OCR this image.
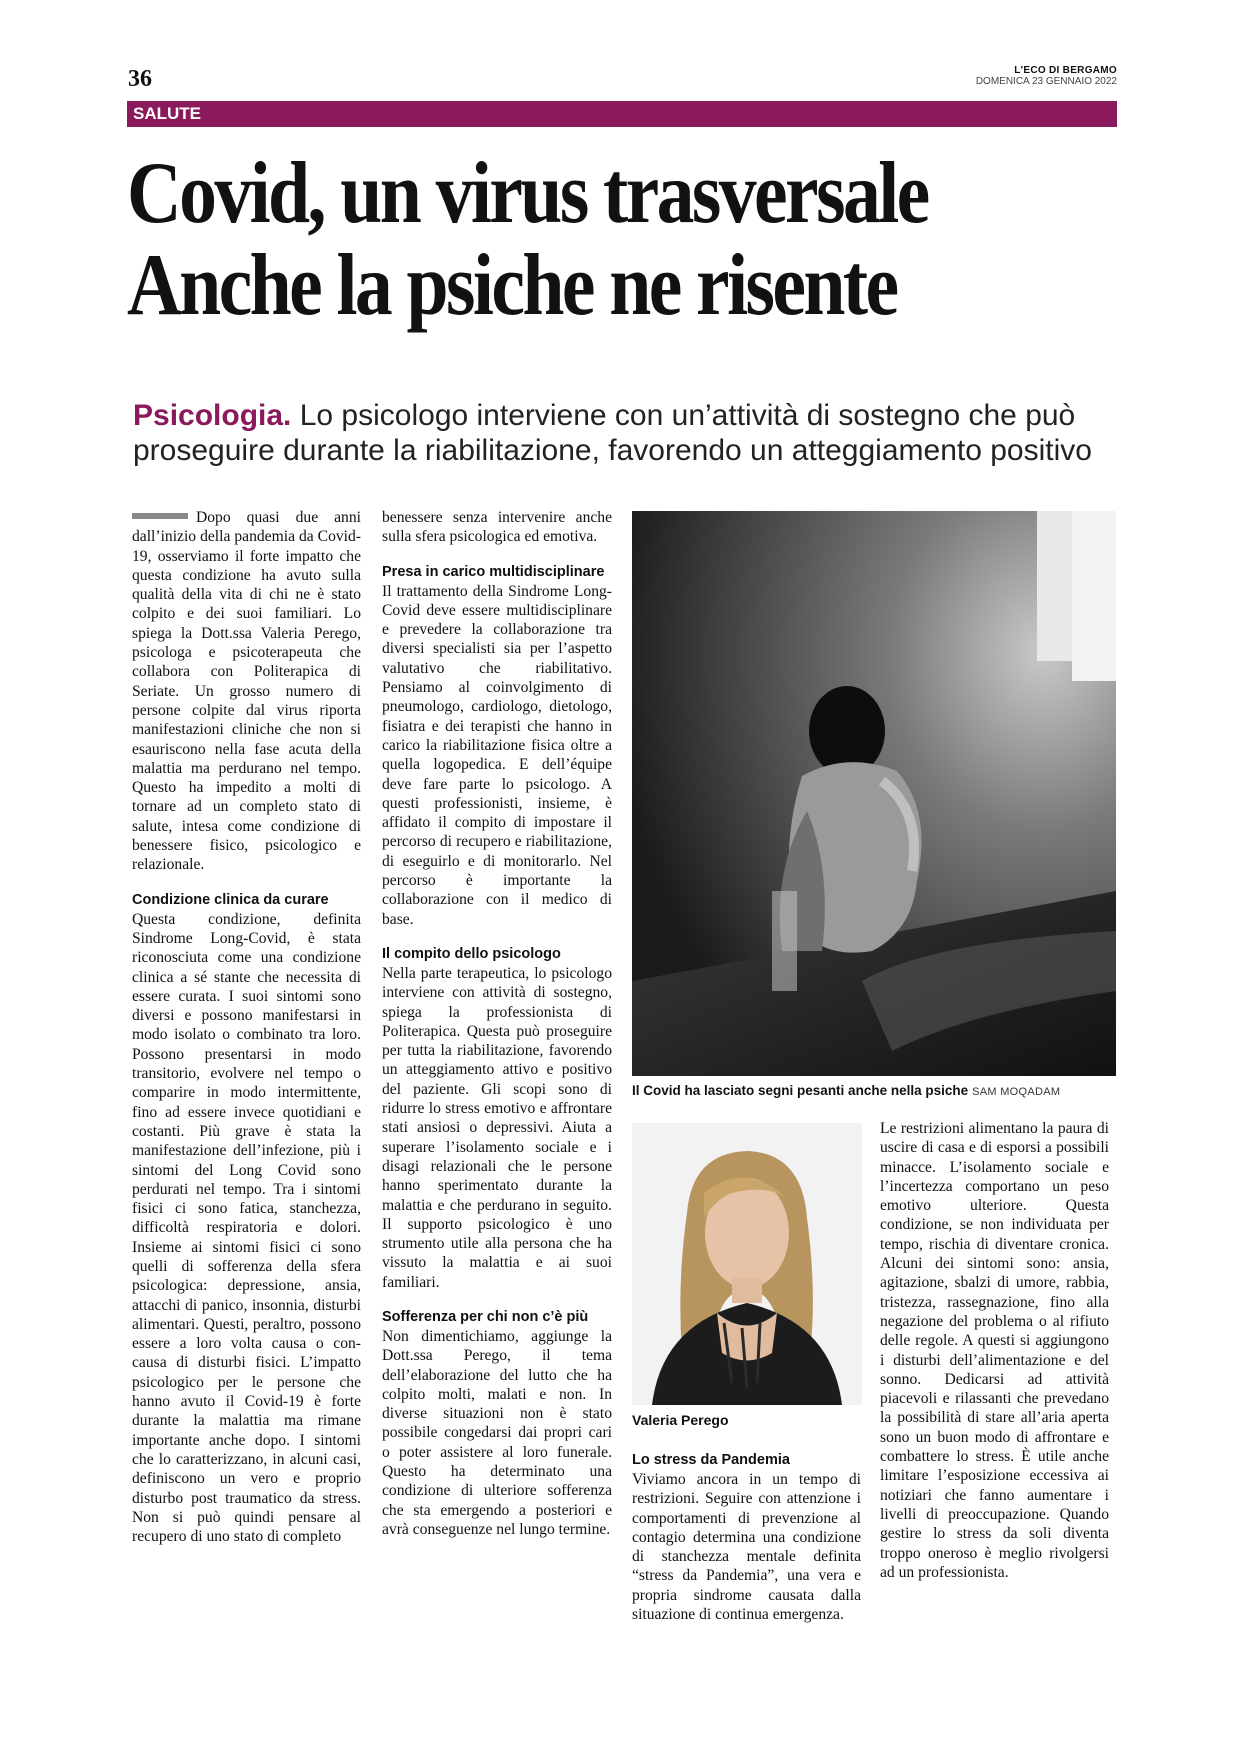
36	L'ECO DI BERGAMO
DOMENICA 23 GENNAIO 2022
SALUTE
Covid, un virus trasversale
Anche la psiche ne risente
Psicologia. Lo psicologo interviene con un’attività di sostegno che può proseguire durante la riabilitazione, favorendo un atteggiamento positivo

Dopo quasi due anni dall’inizio della pandemia da Covid-19, osserviamo il forte impatto che questa condizione ha avuto sulla qualità della vita di chi ne è stato colpito e dei suoi familiari. Lo spiega la Dott.ssa Valeria Perego, psicologa e psicoterapeuta che collabora con Politerapica di Seriate. Un grosso numero di persone colpite dal virus riporta manifestazioni cliniche che non si esauriscono nella fase acuta della malattia ma perdurano nel tempo. Questo ha impedito a molti di tornare ad un completo stato di salute, intesa come condizione di benessere fisico, psicologico e relazionale.

Condizione clinica da curare

Questa condizione, definita Sindrome Long-Covid, è stata riconosciuta come una condizione clinica a sé stante che necessita di essere curata. I suoi sintomi sono diversi e possono manifestarsi in modo isolato o combinato tra loro. Possono presentarsi in modo transitorio, evolvere nel tempo o comparire in modo intermittente, fino ad essere invece quotidiani e costanti. Più grave è stata la manifestazione dell’infezione, più i sintomi del Long Covid sono perdurati nel tempo. Tra i sintomi fisici ci sono fatica, stanchezza, difficoltà respiratoria e dolori. Insieme ai sintomi fisici ci sono quelli di sofferenza della sfera psicologica: depressione, ansia, attacchi di panico, insonnia, disturbi alimentari. Questi, peraltro, possono essere a loro volta causa o con-causa di disturbi fisici. L’impatto psicologico per le persone che hanno avuto il Covid-19 è forte durante la malattia ma rimane importante anche dopo. I sintomi che lo caratterizzano, in alcuni casi, definiscono un vero e proprio disturbo post traumatico da stress. Non si può quindi pensare al recupero di uno stato di completo

benessere senza intervenire anche sulla sfera psicologica ed emotiva.

Presa in carico multidisciplinare

Il trattamento della Sindrome Long-Covid deve essere multidisciplinare e prevedere la collaborazione tra diversi specialisti sia per l’aspetto valutativo che riabilitativo. Pensiamo al coinvolgimento di pneumologo, cardiologo, dietologo, fisiatra e dei terapisti che hanno in carico la riabilitazione fisica oltre a quella logopedica. E dell’équipe deve fare parte lo psicologo. A questi professionisti, insieme, è affidato il compito di impostare il percorso di recupero e riabilitazione, di eseguirlo e di monitorarlo. Nel percorso è importante la collaborazione con il medico di base.

Il compito dello psicologo

Nella parte terapeutica, lo psicologo interviene con attività di sostegno, spiega la professionista di Politerapica. Questa può proseguire per tutta la riabilitazione, favorendo un atteggiamento attivo e positivo del paziente. Gli scopi sono di ridurre lo stress emotivo e affrontare stati ansiosi o depressivi. Aiuta a superare l’isolamento sociale e i disagi relazionali che le persone hanno sperimentato durante la malattia e che perdurano in seguito. Il supporto psicologico è uno strumento utile alla persona che ha vissuto la malattia e ai suoi familiari.

Sofferenza per chi non c’è più

Non dimentichiamo, aggiunge la Dott.ssa Perego, il tema dell’elaborazione del lutto che ha colpito molti, malati e non. In diverse situazioni non è stato possibile congedarsi dai propri cari o poter assistere al loro funerale. Questo ha determinato una condizione di ulteriore sofferenza che sta emergendo a posteriori e avrà conseguenze nel lungo termine.

Il Covid ha lasciato segni pesanti anche nella psiche SAM MOQADAM
Valeria Perego
Lo stress da Pandemia

Viviamo ancora in un tempo di restrizioni. Seguire con attenzione i comportamenti di prevenzione al contagio determina una condizione di stanchezza mentale definita “stress da Pandemia”, una vera e propria sindrome causata dalla situazione di continua emergenza.

Le restrizioni alimentano la paura di uscire di casa e di esporsi a possibili minacce. L’isolamento sociale e l’incertezza comportano un peso emotivo ulteriore. Questa condizione, se non individuata per tempo, rischia di diventare cronica. Alcuni dei sintomi sono: ansia, agitazione, sbalzi di umore, rabbia, tristezza, rassegnazione, fino alla negazione del problema o al rifiuto delle regole. A questi si aggiungono i disturbi dell’alimentazione e del sonno. Dedicarsi ad attività piacevoli e rilassanti che prevedano la possibilità di stare all’aria aperta sono un buon modo di affrontare e combattere lo stress. È utile anche limitare l’esposizione eccessiva ai notiziari che fanno aumentare i livelli di preoccupazione. Quando gestire lo stress da soli diventa troppo oneroso è meglio rivolgersi ad un professionista.
